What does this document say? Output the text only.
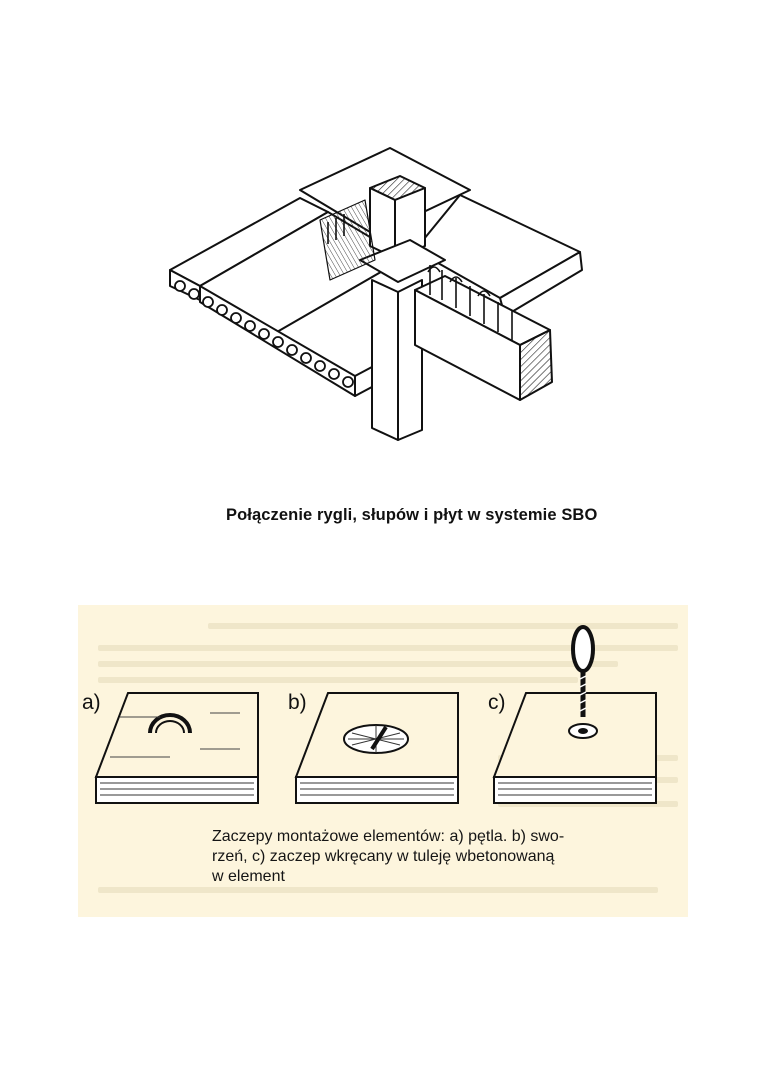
Połączenie rygli, słupów i płyt w systemie SBO
a)	b)	c)
Zaczepy montażowe elementów: a) pętla. b) swo-
rzeń, c) zaczep wkręcany w tuleję wbetonowaną
w element
